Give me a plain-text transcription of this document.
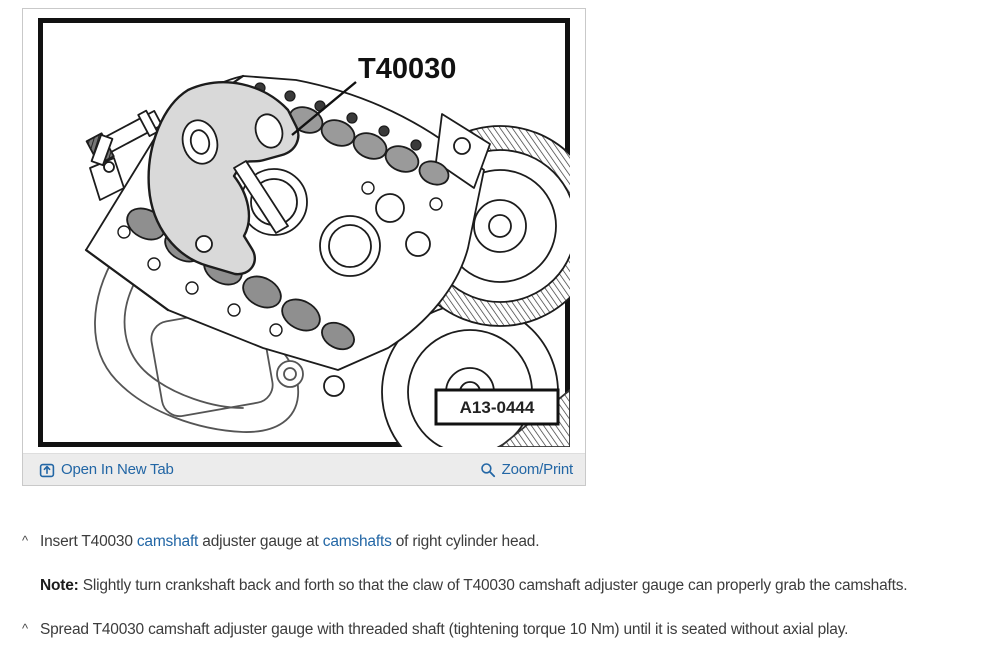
T40030
A13-0444
Open In New Tab	Zoom/Print

^ Insert T40030 camshaft adjuster gauge at camshafts of right cylinder head.

Note: Slightly turn crankshaft back and forth so that the claw of T40030 camshaft adjuster gauge can properly grab the camshafts.

^ Spread T40030 camshaft adjuster gauge with threaded shaft (tightening torque 10 Nm) until it is seated without axial play.
